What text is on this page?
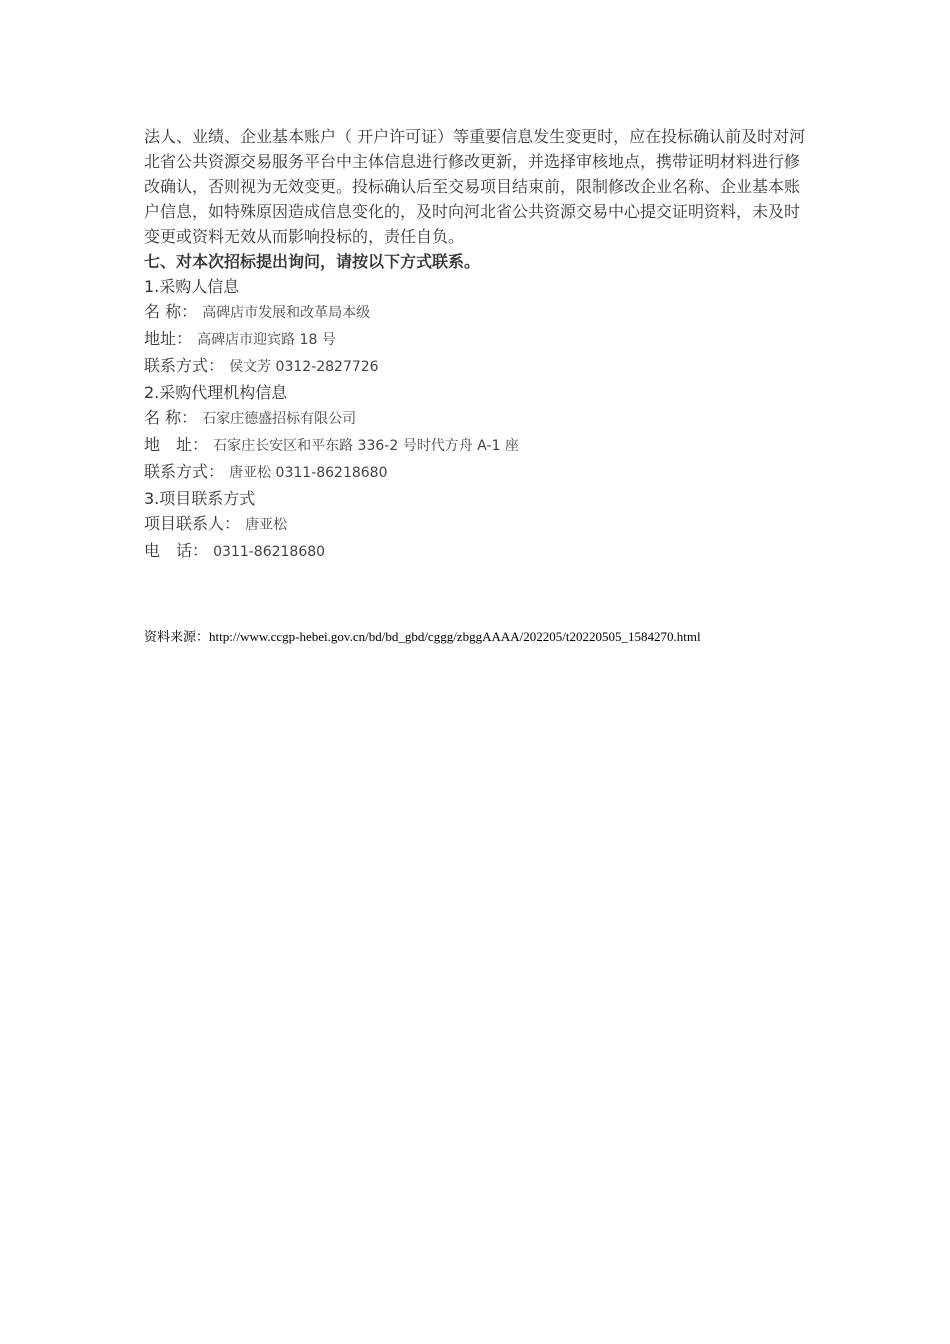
法人、业绩、企业基本账户（ 开户许可证）等重要信息发生变更时，应在投标确认前及时对河北省公共资源交易服务平台中主体信息进行修改更新，并选择审核地点，携带证明材料进行修改确认，否则视为无效变更。投标确认后至交易项目结束前，限制修改企业名称、企业基本账户信息，如特殊原因造成信息变化的，及时向河北省公共资源交易中心提交证明资料，未及时变更或资料无效从而影响投标的，责任自负。

七、对本次招标提出询问，请按以下方式联系。

1.采购人信息

名 称： 高碑店市发展和改革局本级

地址： 高碑店市迎宾路 18 号

联系方式： 侯文芳 0312-2827726

2.采购代理机构信息

名 称： 石家庄德盛招标有限公司

地　址： 石家庄长安区和平东路 336-2 号时代方舟 A-1 座

联系方式： 唐亚松 0311-86218680

3.项目联系方式

项目联系人： 唐亚松

电　话： 0311-86218680

资料来源：http://www.ccgp-hebei.gov.cn/bd/bd_gbd/cggg/zbggAAAA/202205/t20220505_1584270.html
